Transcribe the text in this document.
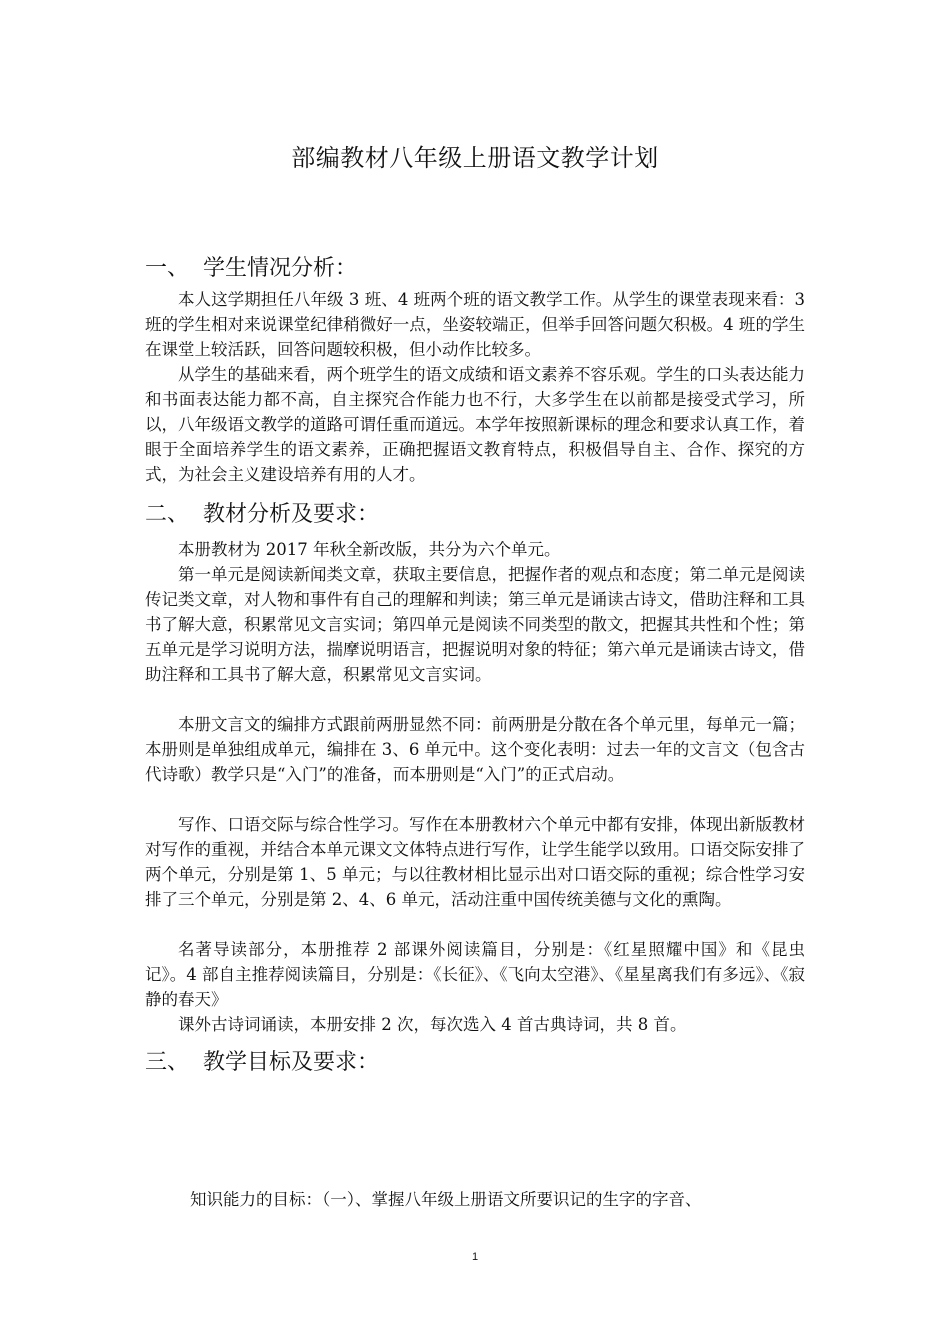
部编教材八年级上册语文教学计划
一、 学生情况分析：

本人这学期担任八年级 3 班、4 班两个班的语文教学工作。从学生的课堂表现来看：3 班的学生相对来说课堂纪律稍微好一点，坐姿较端正，但举手回答问题欠积极。4 班的学生在课堂上较活跃，回答问题较积极，但小动作比较多。

从学生的基础来看，两个班学生的语文成绩和语文素养不容乐观。学生的口头表达能力和书面表达能力都不高，自主探究合作能力也不行，大多学生在以前都是接受式学习，所以，八年级语文教学的道路可谓任重而道远。本学年按照新课标的理念和要求认真工作，着眼于全面培养学生的语文素养，正确把握语文教育特点，积极倡导自主、合作、探究的方式，为社会主义建设培养有用的人才。

二、 教材分析及要求：

本册教材为 2017 年秋全新改版，共分为六个单元。

第一单元是阅读新闻类文章，获取主要信息，把握作者的观点和态度；第二单元是阅读传记类文章，对人物和事件有自己的理解和判读；第三单元是诵读古诗文，借助注释和工具书了解大意，积累常见文言实词；第四单元是阅读不同类型的散文，把握其共性和个性；第五单元是学习说明方法，揣摩说明语言，把握说明对象的特征；第六单元是诵读古诗文，借助注释和工具书了解大意，积累常见文言实词。

本册文言文的编排方式跟前两册显然不同：前两册是分散在各个单元里，每单元一篇；本册则是单独组成单元，编排在 3、6 单元中。这个变化表明：过去一年的文言文（包含古代诗歌）教学只是“入门”的准备，而本册则是“入门”的正式启动。

写作、口语交际与综合性学习。写作在本册教材六个单元中都有安排，体现出新版教材对写作的重视，并结合本单元课文文体特点进行写作，让学生能学以致用。口语交际安排了两个单元，分别是第 1、5 单元；与以往教材相比显示出对口语交际的重视；综合性学习安排了三个单元，分别是第 2、4、6 单元，活动注重中国传统美德与文化的熏陶。

名著导读部分，本册推荐 2 部课外阅读篇目，分别是：《红星照耀中国》和《昆虫记》。4 部自主推荐阅读篇目，分别是：《长征》、《飞向太空港》、《星星离我们有多远》、《寂静的春天》

课外古诗词诵读，本册安排 2 次，每次选入 4 首古典诗词，共 8 首。

三、 教学目标及要求：
知识能力的目标：（一）、掌握八年级上册语文所要识记的生字的字音、
1
